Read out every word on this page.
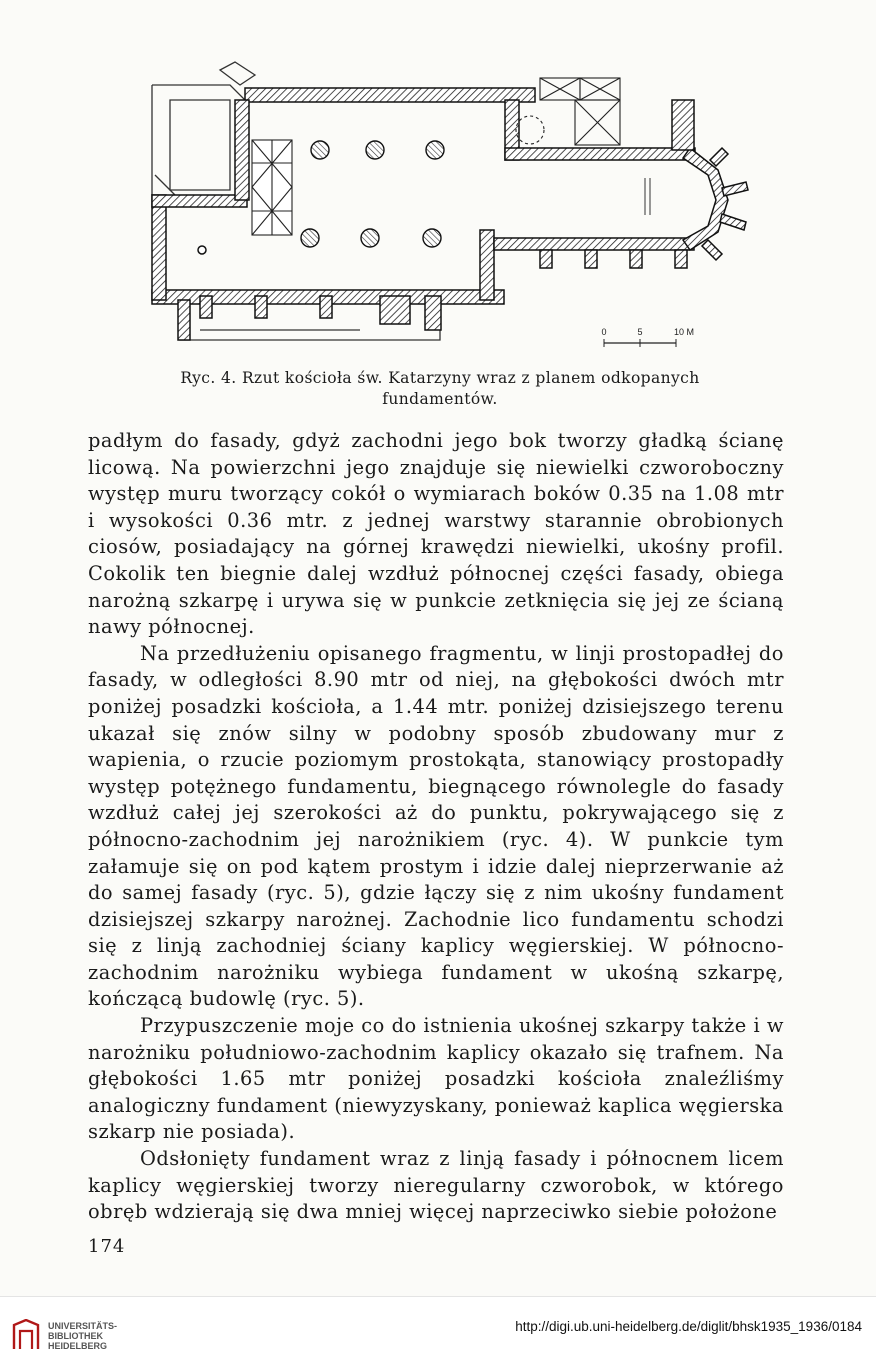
0	5	10 M
Ryc. 4. Rzut kościoła św. Katarzyny wraz z planem odkopanych
fundamentów.

padłym do fasady, gdyż zachodni jego bok tworzy gładką ścianę licową. Na powierzchni jego znajduje się niewielki czworoboczny występ muru tworzący cokół o wymiarach boków 0.35 na 1.08 mtr i wysokości 0.36 mtr. z jednej warstwy starannie obrobionych ciosów, posiadający na górnej krawędzi niewielki, ukośny profil. Cokolik ten biegnie dalej wzdłuż północnej części fasady, obiega narożną szkarpę i urywa się w punkcie zetknięcia się jej ze ścianą nawy północnej.

Na przedłużeniu opisanego fragmentu, w linji prostopadłej do fasady, w odległości 8.90 mtr od niej, na głębokości dwóch mtr poniżej posadzki kościoła, a 1.44 mtr. poniżej dzisiejszego terenu ukazał się znów silny w podobny sposób zbudowany mur z wapienia, o rzucie poziomym prostokąta, stanowiący prostopadły występ potężnego fundamentu, biegnącego równolegle do fasady wzdłuż całej jej szerokości aż do punktu, pokrywającego się z północno-zachodnim jej narożnikiem (ryc. 4). W punkcie tym załamuje się on pod kątem prostym i idzie dalej nieprzerwanie aż do samej fasady (ryc. 5), gdzie łączy się z nim ukośny fundament dzisiejszej szkarpy narożnej. Zachodnie lico fundamentu schodzi się z linją zachodniej ściany kaplicy węgierskiej. W północno-zachodnim narożniku wybiega fundament w ukośną szkarpę, kończącą budowlę (ryc. 5).

Przypuszczenie moje co do istnienia ukośnej szkarpy także i w narożniku południowo-zachodnim kaplicy okazało się trafnem. Na głębokości 1.65 mtr poniżej posadzki kościoła znaleźliśmy analogiczny fundament (niewyzyskany, ponieważ kaplica węgierska szkarp nie posiada).

Odsłonięty fundament wraz z linją fasady i północnem licem kaplicy węgierskiej tworzy nieregularny czworobok, w którego obręb wdzierają się dwa mniej więcej naprzeciwko siebie położone

174
UNIVERSITÄTS-
BIBLIOTHEK
HEIDELBERG
http://digi.ub.uni-heidelberg.de/diglit/bhsk1935_1936/0184
